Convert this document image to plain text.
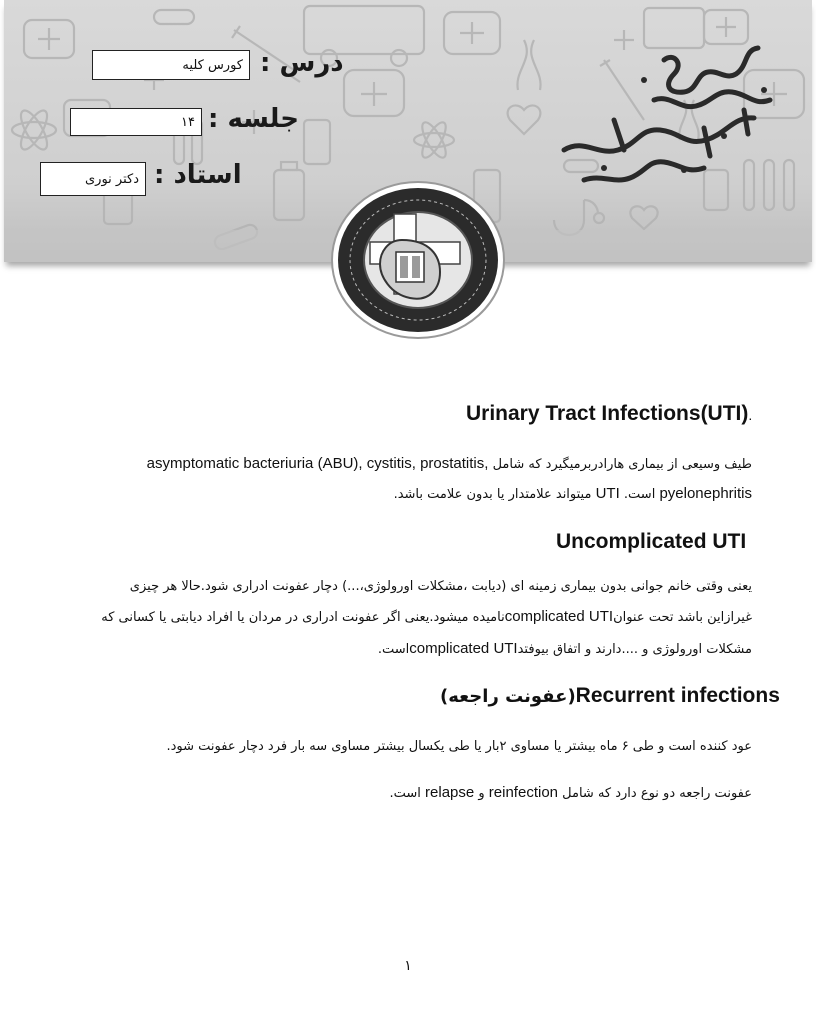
درس :
کورس کلیه
جلسه :
۱۴
استاد :
دکتر نوری
Urinary Tract Infections(UTI).
طیف وسیعی از بیماری هارادربرمیگیرد که شامل asymptomatic bacteriuria (ABU), cystitis, prostatitis,
pyelonephritis است. UTI میتواند علامتدار یا بدون علامت باشد.
Uncomplicated UTI
یعنی وقتی خانم جوانی بدون بیماری زمینه ای (دیابت ،مشکلات اورولوژی،...) دچار عفونت ادراری شود.حالا هر چیزی
غیرازاین باشد تحت عنوانcomplicated UTIنامیده میشود.یعنی اگر عفونت ادراری در مردان یا افراد دیابتی یا کسانی که
مشکلات اورولوژی و ....دارند و اتفاق بیوفتدcomplicated UTIاست.
(عفونت راجعه)Recurrent infections
عود کننده است و طی ۶ ماه بیشتر یا مساوی ۲بار یا طی یکسال بیشتر مساوی سه بار فرد دچار عفونت شود.
عفونت راجعه دو نوع دارد که شامل reinfection و relapse است.
۱
